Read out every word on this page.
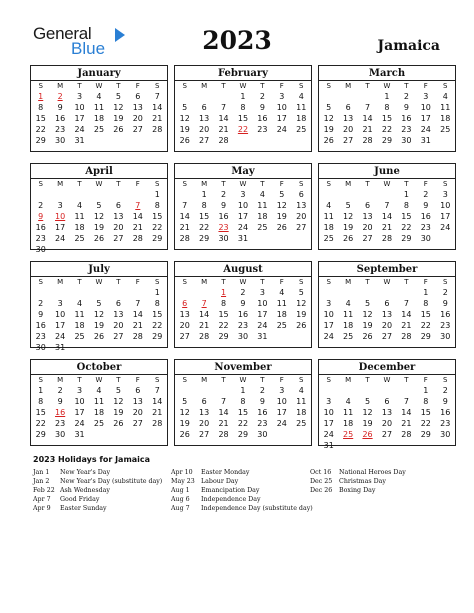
General
Blue	2023	Jamaica
January
S	M	T	W	T	F	S
1	2	3	4	5	6	7
8	9	10	11	12	13	14
15	16	17	18	19	20	21
22	23	24	25	26	27	28
29	30	31				
February
S	M	T	W	T	F	S
			1	2	3	4
5	6	7	8	9	10	11
12	13	14	15	16	17	18
19	20	21	22	23	24	25
26	27	28				
March
S	M	T	W	T	F	S
			1	2	3	4
5	6	7	8	9	10	11
12	13	14	15	16	17	18
19	20	21	22	23	24	25
26	27	28	29	30	31	
April
S	M	T	W	T	F	S
						1
2	3	4	5	6	7	8
9	10	11	12	13	14	15
16	17	18	19	20	21	22
23	24	25	26	27	28	29
30						
May
S	M	T	W	T	F	S
	1	2	3	4	5	6
7	8	9	10	11	12	13
14	15	16	17	18	19	20
21	22	23	24	25	26	27
28	29	30	31			
June
S	M	T	W	T	F	S
				1	2	3
4	5	6	7	8	9	10
11	12	13	14	15	16	17
18	19	20	21	22	23	24
25	26	27	28	29	30	
July
S	M	T	W	T	F	S
						1
2	3	4	5	6	7	8
9	10	11	12	13	14	15
16	17	18	19	20	21	22
23	24	25	26	27	28	29
30	31					
August
S	M	T	W	T	F	S
		1	2	3	4	5
6	7	8	9	10	11	12
13	14	15	16	17	18	19
20	21	22	23	24	25	26
27	28	29	30	31		
September
S	M	T	W	T	F	S
					1	2
3	4	5	6	7	8	9
10	11	12	13	14	15	16
17	18	19	20	21	22	23
24	25	26	27	28	29	30
October
S	M	T	W	T	F	S
1	2	3	4	5	6	7
8	9	10	11	12	13	14
15	16	17	18	19	20	21
22	23	24	25	26	27	28
29	30	31				
November
S	M	T	W	T	F	S
			1	2	3	4
5	6	7	8	9	10	11
12	13	14	15	16	17	18
19	20	21	22	23	24	25
26	27	28	29	30		
December
S	M	T	W	T	F	S
					1	2
3	4	5	6	7	8	9
10	11	12	13	14	15	16
17	18	19	20	21	22	23
24	25	26	27	28	29	30
31						
2023 Holidays for Jamaica
Jan 1 New Year's Day
Jan 2 New Year's Day (substitute day)
Feb 22 Ash Wednesday
Apr 7 Good Friday
Apr 9 Easter Sunday
Apr 10 Easter Monday
May 23 Labour Day
Aug 1 Emancipation Day
Aug 6 Independence Day
Aug 7 Independence Day (substitute day)
Oct 16 National Heroes Day
Dec 25 Christmas Day
Dec 26 Boxing Day
